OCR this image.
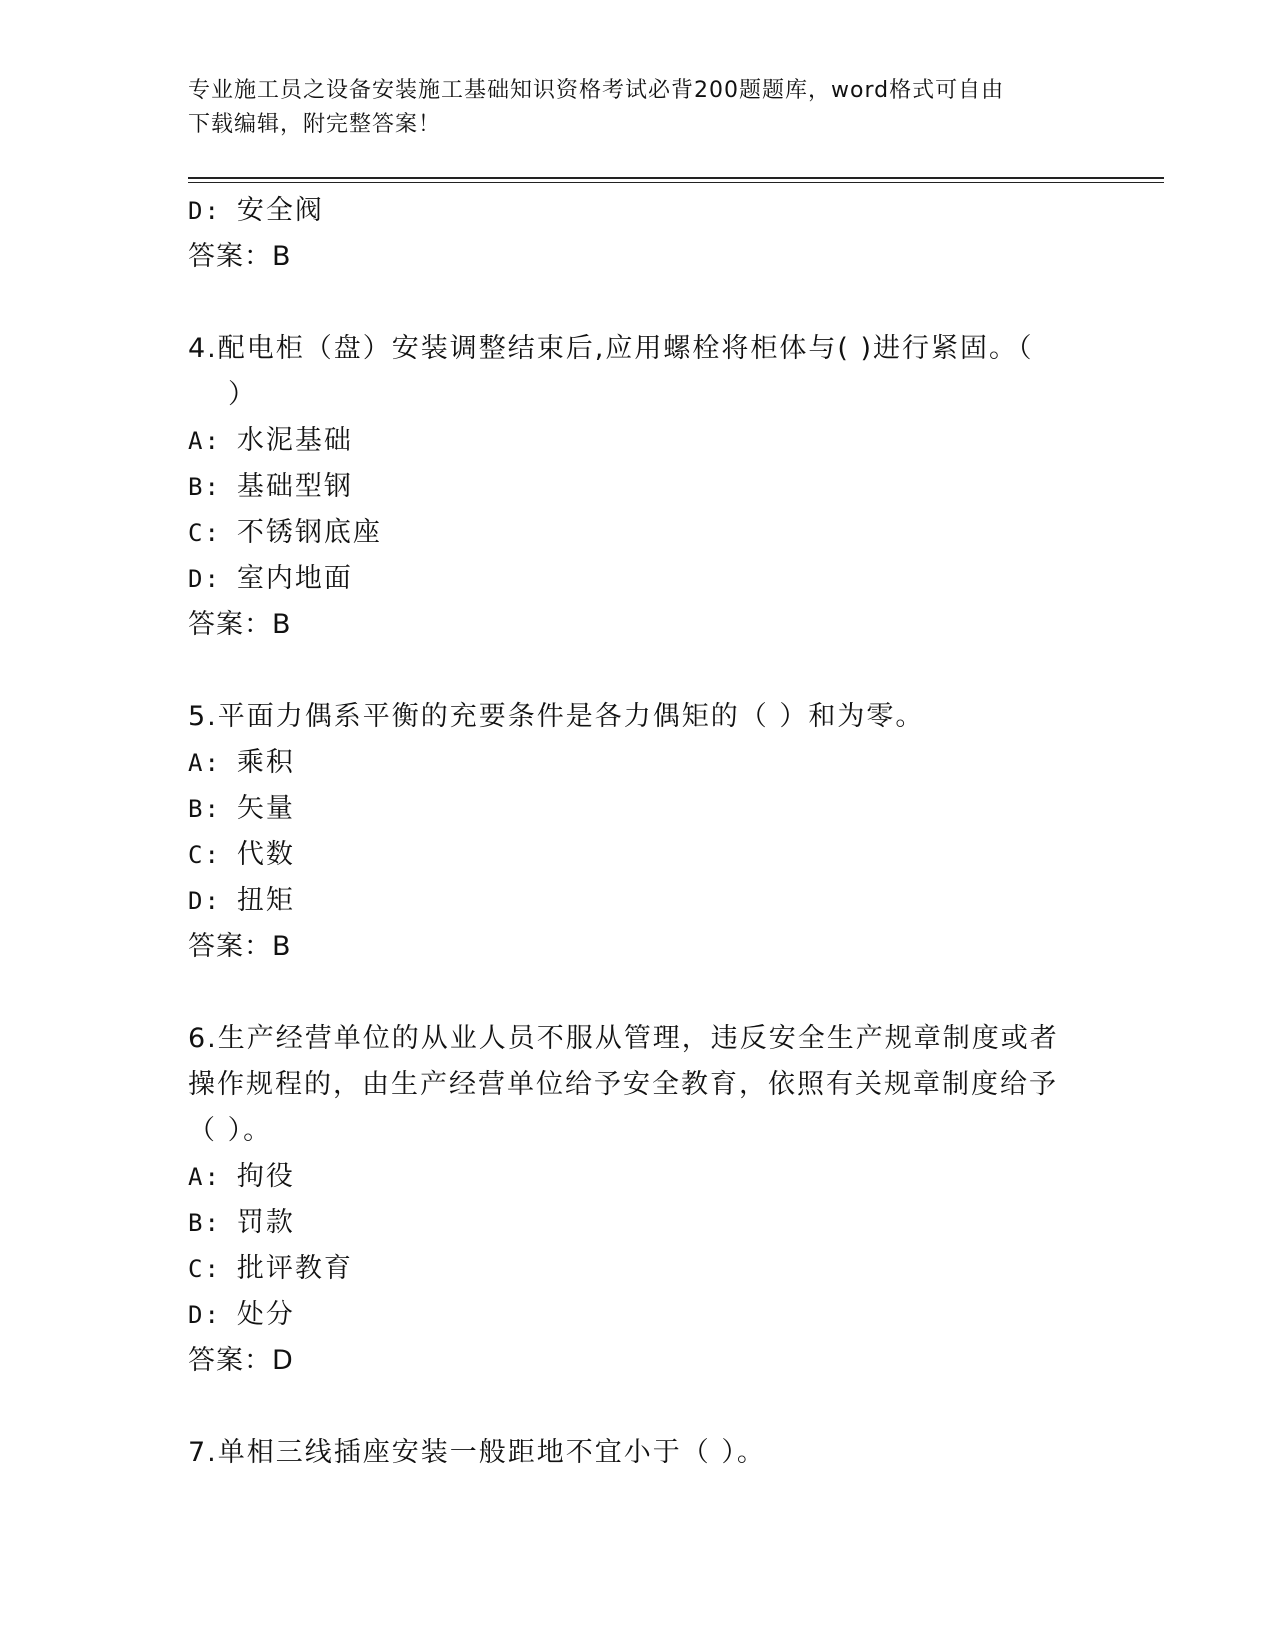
专业施工员之设备安装施工基础知识资格考试必背200题题库，word格式可自由
下载编辑，附完整答案！
D: 安全阀
答案：B
4.配电柜（盘）安装调整结束后,应用螺栓将柜体与( )进行紧固。（
）
A: 水泥基础
B: 基础型钢
C: 不锈钢底座
D: 室内地面
答案：B
5.平面力偶系平衡的充要条件是各力偶矩的（ ）和为零。
A: 乘积
B: 矢量
C: 代数
D: 扭矩
答案：B
6.生产经营单位的从业人员不服从管理，违反安全生产规章制度或者
操作规程的，由生产经营单位给予安全教育，依照有关规章制度给予
（ ）。
A: 拘役
B: 罚款
C: 批评教育
D: 处分
答案：D
7.单相三线插座安装一般距地不宜小于（ ）。
